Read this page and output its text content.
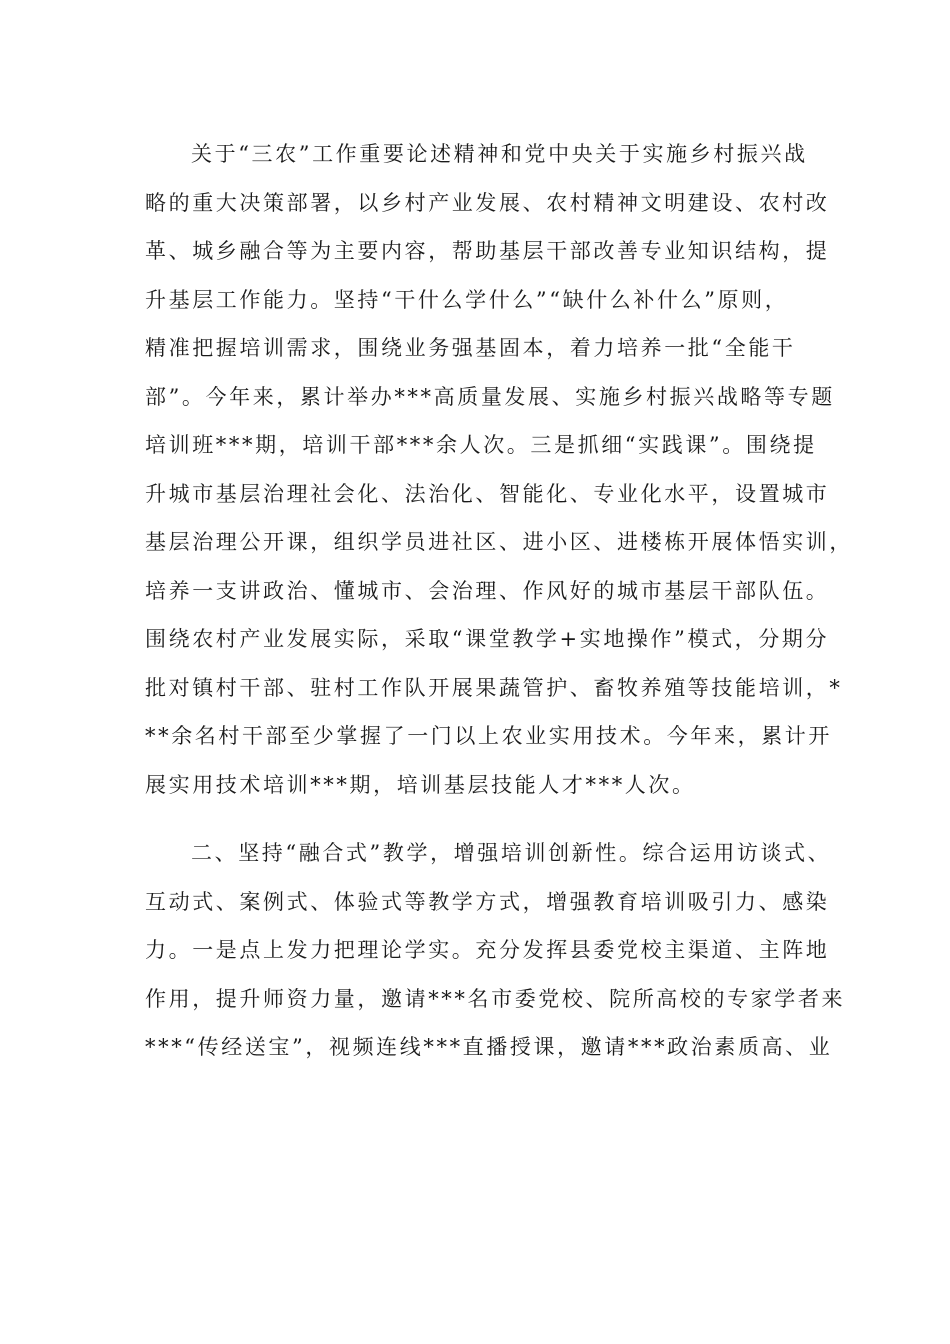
关于“三农”工作重要论述精神和党中央关于实施乡村振兴战
略的重大决策部署，以乡村产业发展、农村精神文明建设、农村改
革、城乡融合等为主要内容，帮助基层干部改善专业知识结构，提
升基层工作能力。坚持“干什么学什么”“缺什么补什么”原则，
精准把握培训需求，围绕业务强基固本，着力培养一批“全能干
部”。今年来，累计举办***高质量发展、实施乡村振兴战略等专题
培训班***期，培训干部***余人次。三是抓细“实践课”。围绕提
升城市基层治理社会化、法治化、智能化、专业化水平，设置城市
基层治理公开课，组织学员进社区、进小区、进楼栋开展体悟实训，
培养一支讲政治、懂城市、会治理、作风好的城市基层干部队伍。
围绕农村产业发展实际，采取“课堂教学+实地操作”模式，分期分
批对镇村干部、驻村工作队开展果蔬管护、畜牧养殖等技能培训，*
**余名村干部至少掌握了一门以上农业实用技术。今年来，累计开
展实用技术培训***期，培训基层技能人才***人次。
二、坚持“融合式”教学，增强培训创新性。综合运用访谈式、
互动式、案例式、体验式等教学方式，增强教育培训吸引力、感染
力。一是点上发力把理论学实。充分发挥县委党校主渠道、主阵地
作用，提升师资力量，邀请***名市委党校、院所高校的专家学者来
***“传经送宝”，视频连线***直播授课，邀请***政治素质高、业
